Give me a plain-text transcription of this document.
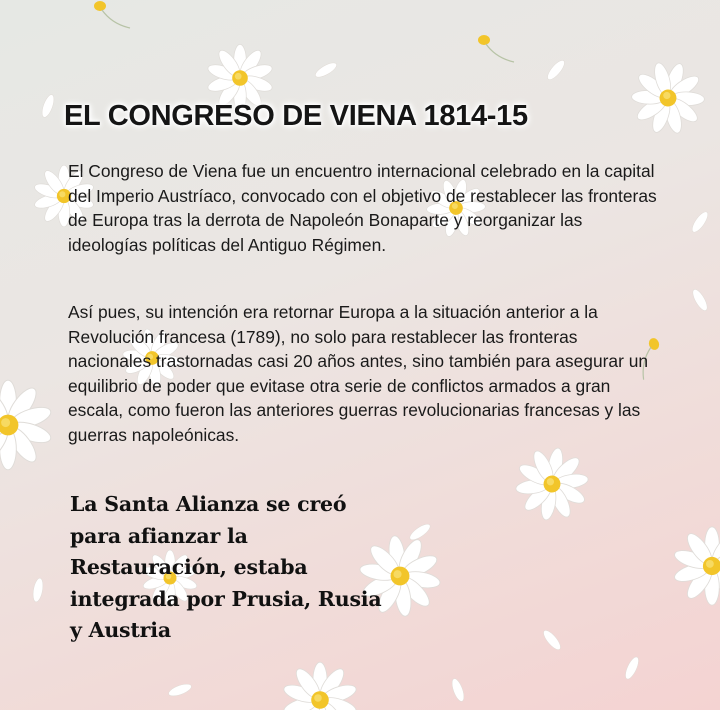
EL CONGRESO DE VIENA 1814-15

El Congreso de Viena fue un encuentro internacional celebrado en la capital del Imperio Austríaco, convocado con el objetivo de restablecer las fronteras de Europa tras la derrota de Napoleón Bonaparte y reorganizar las ideologías políticas del Antiguo Régimen.

Así pues, su intención era retornar Europa a la situación anterior a la Revolución francesa (1789), no solo para restablecer las fronteras nacionales trastornadas casi 20 años antes, sino también para asegurar un equilibrio de poder que evitase otra serie de conflictos armados a gran escala, como fueron las anteriores guerras revolucionarias francesas y las guerras napoleónicas.

La Santa Alianza se creó para afianzar la Restauración, estaba integrada por Prusia, Rusia y Austria
